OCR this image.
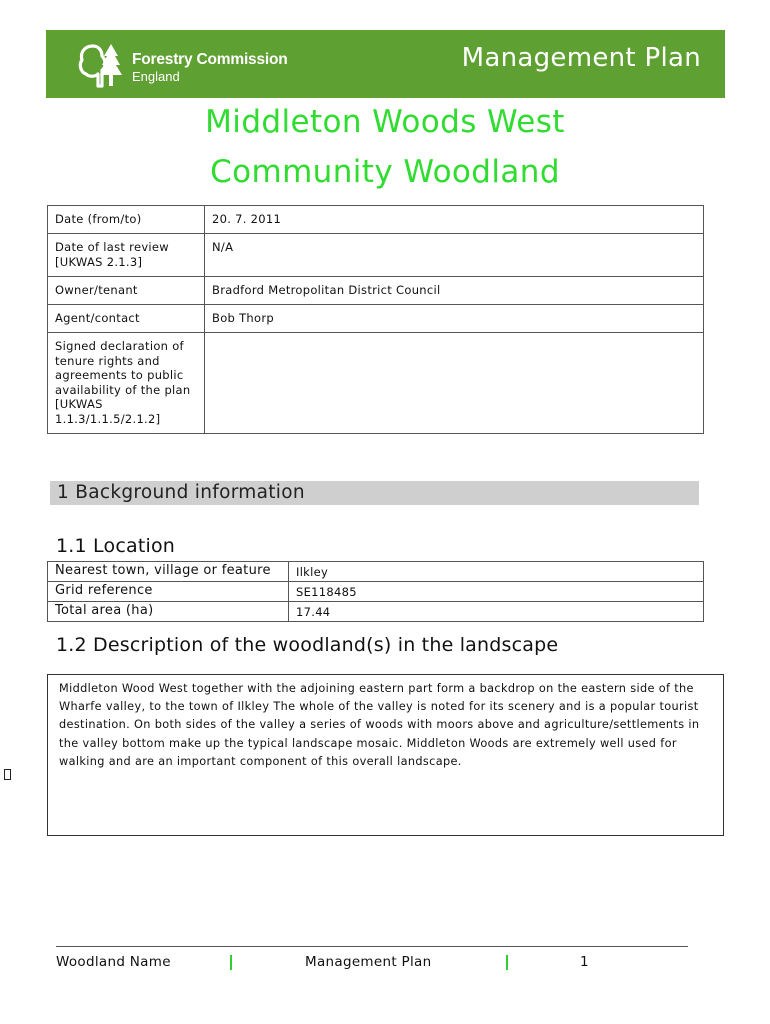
Forestry Commission
England
Management Plan
Middleton Woods West
Community Woodland
Date (from/to)	20. 7. 2011
Date of last review [UKWAS 2.1.3]	N/A
Owner/tenant	Bradford Metropolitan District Council
Agent/contact	Bob Thorp
Signed declaration of tenure rights and agreements to public availability of the plan [UKWAS 1.1.3/1.1.5/2.1.2]	
1 Background information
1.1 Location
Nearest town, village or feature	Ilkley
Grid reference	SE118485
Total area (ha)	17.44
1.2 Description of the woodland(s) in the landscape
Middleton Wood West together with the adjoining eastern part form a backdrop on the eastern side of the Wharfe valley, to the town of Ilkley The whole of the valley is noted for its scenery and is a popular tourist destination. On both sides of the valley a series of woods with moors above and agriculture/settlements in the valley bottom make up the typical landscape mosaic. Middleton Woods are extremely well used for walking and are an important component of this overall landscape.
Woodland Name	Management Plan	1
